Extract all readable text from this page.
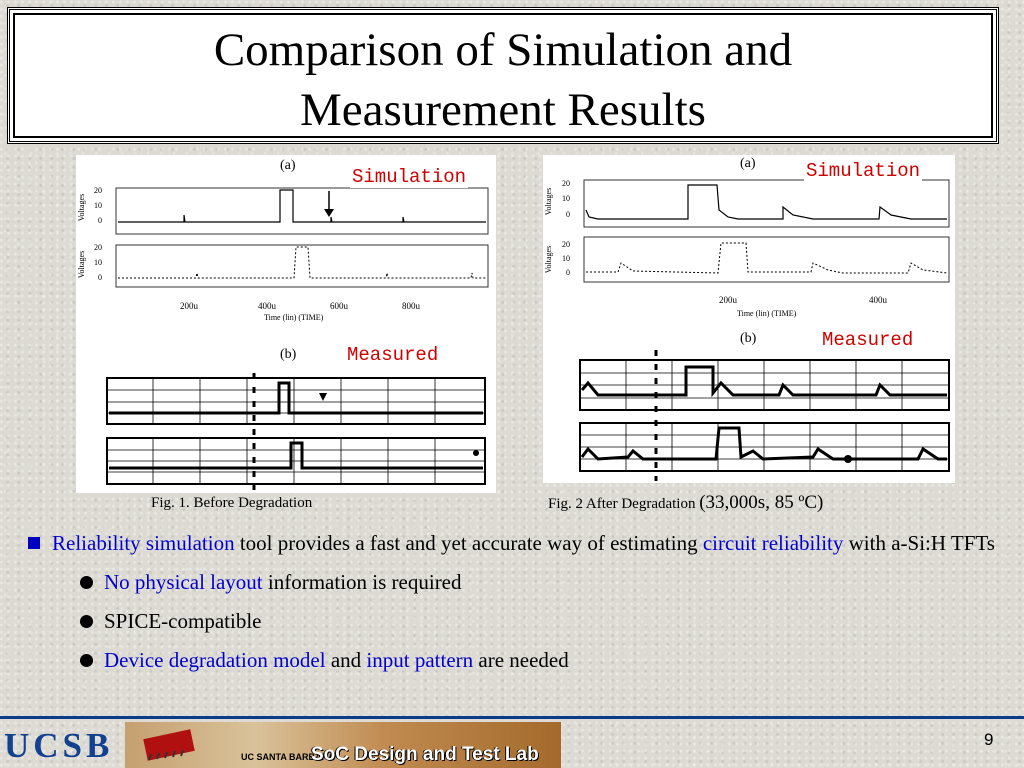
Comparison of Simulation and
Measurement Results
(a)
(b)
Voltages
Voltages
20
10
0
20
10
0
200u	400u	600u	800u
Time (lin) (TIME)
Simulation
Measured
Fig. 1. Before Degradation
(a)
(b)
Voltages
Voltages
20
10
0
20
10
0
200u	400u
Time (lin) (TIME)
Simulation
Measured
Fig. 2 After Degradation (33,000s, 85 ºC)
Reliability simulation tool provides a fast and yet accurate way of estimating circuit reliability with a-Si:H TFTs
No physical layout information is required
SPICE-compatible
Device degradation model and input pattern are needed
UCSB	UC SANTA BARBARA
SoC Design and Test Lab
9
